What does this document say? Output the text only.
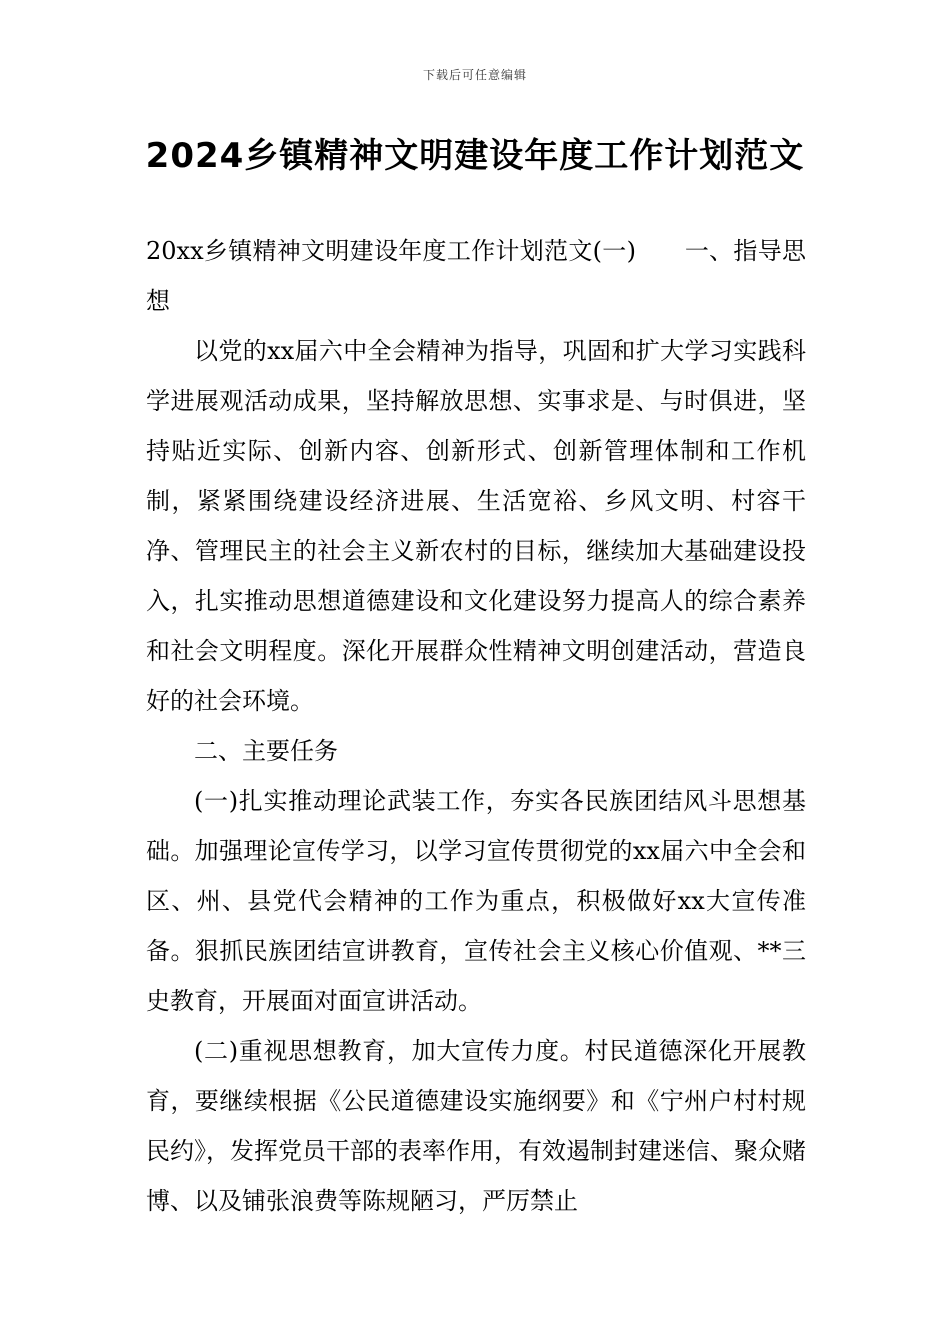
下载后可任意编辑
2024乡镇精神文明建设年度工作计划范文

20xx乡镇精神文明建设年度工作计划范文(一)　　一、指导思想

以党的xx届六中全会精神为指导，巩固和扩大学习实践科学进展观活动成果，坚持解放思想、实事求是、与时俱进，坚持贴近实际、创新内容、创新形式、创新管理体制和工作机制，紧紧围绕建设经济进展、生活宽裕、乡风文明、村容干净、管理民主的社会主义新农村的目标，继续加大基础建设投入，扎实推动思想道德建设和文化建设努力提高人的综合素养和社会文明程度。深化开展群众性精神文明创建活动，营造良好的社会环境。

二、主要任务

(一)扎实推动理论武装工作，夯实各民族团结风斗思想基础。加强理论宣传学习，以学习宣传贯彻党的xx届六中全会和区、州、县党代会精神的工作为重点，积极做好xx大宣传准备。狠抓民族团结宣讲教育，宣传社会主义核心价值观、**三史教育，开展面对面宣讲活动。

(二)重视思想教育，加大宣传力度。村民道德深化开展教育，要继续根据《公民道德建设实施纲要》和《宁州户村村规民约》，发挥党员干部的表率作用，有效遏制封建迷信、聚众赌博、以及铺张浪费等陈规陋习，严厉禁止
